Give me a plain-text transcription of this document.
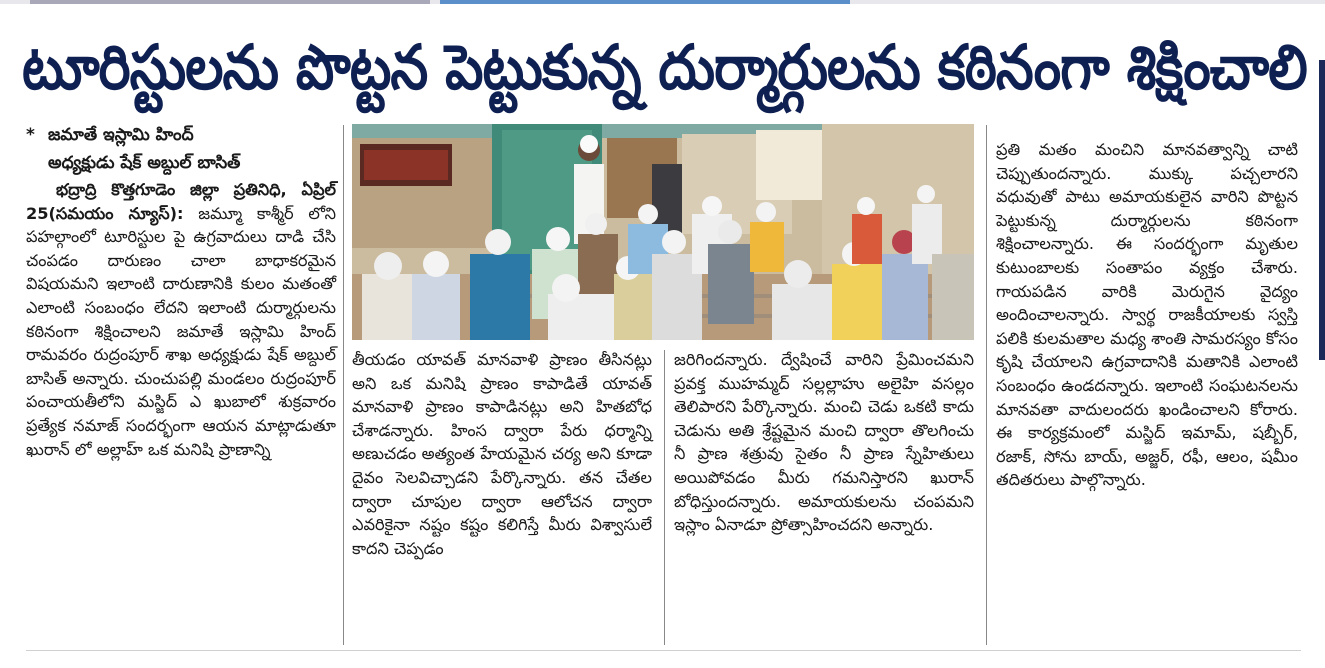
టూరిస్టులను పొట్టన పెట్టుకున్న దుర్మార్గులను కఠినంగా శిక్షించాలి
* జమాతే ఇస్లామి హింద్
అధ్యక్షుడు షేక్ అబ్దుల్ బాసిత్

భద్రాద్రి కొత్తగూడెం జిల్లా ప్రతినిధి, ఏప్రిల్ 25(సమయం న్యూస్): జమ్మూ కాశ్మీర్ లోని పహల్గాంలో టూరిస్టుల పై ఉగ్రవాదులు దాడి చేసి చంపడం దారుణం చాలా బాధాకరమైన విషయమని ఇలాంటి దారుణానికి కులం మతంతో ఎలాంటి సంబంధం లేదని ఇలాంటి దుర్మార్గులను కఠినంగా శిక్షించాలని జమాతే ఇస్లామి హింద్ రామవరం రుద్రంపూర్ శాఖ అధ్యక్షుడు షేక్ అబ్దుల్ బాసిత్ అన్నారు. చుంచుపల్లి మండలం రుద్రంపూర్ పంచాయతీలోని మస్జిద్ ఎ ఖుబాలో శుక్రవారం ప్రత్యేక నమాజ్ సందర్భంగా ఆయన మాట్లాడుతూ ఖురాన్ లో అల్లాహ్ ఒక మనిషి ప్రాణాన్ని

తీయడం యావత్ మానవాళి ప్రాణం తీసినట్లు అని ఒక మనిషి ప్రాణం కాపాడితే యావత్ మానవాళి ప్రాణం కాపాడినట్లు అని హితబోధ చేశాడన్నారు. హింస ద్వారా పేరు ధర్మాన్ని అణుచడం అత్యంత హేయమైన చర్య అని కూడా దైవం సెలవిచ్చాడని పేర్కొన్నారు. తన చేతల ద్వారా చూపుల ద్వారా ఆలోచన ద్వారా ఎవరికైనా నష్టం కష్టం కలిగిస్తే మీరు విశ్వాసులే కాదని చెప్పడం

జరిగిందన్నారు. ద్వేషించే వారిని ప్రేమించమని ప్రవక్త ముహమ్మద్ సల్లల్లాహు అలైహి వసల్లం తెలిపారని పేర్కొన్నారు. మంచి చెడు ఒకటి కాదు చెడును అతి శ్రేష్టమైన మంచి ద్వారా తొలగించు నీ ప్రాణ శత్రువు సైతం నీ ప్రాణ స్నేహితులు అయిపోవడం మీరు గమనిస్తారని ఖురాన్ బోధిస్తుందన్నారు. అమాయకులను చంపమని ఇస్లాం ఏనాడూ ప్రోత్సాహించదని అన్నారు.

ప్రతి మతం మంచిని మానవత్వాన్ని చాటి చెప్పుతుందన్నారు. ముక్కు పచ్చలారని వధువుతో పాటు అమాయకులైన వారిని పొట్టన పెట్టుకున్న దుర్మార్గులను కఠినంగా శిక్షించాలన్నారు. ఈ సందర్భంగా మృతుల కుటుంబాలకు సంతాపం వ్యక్తం చేశారు. గాయపడిన వారికి మెరుగైన వైద్యం అందించాలన్నారు. స్వార్థ రాజకీయాలకు స్వస్తి పలికి కులమతాల మధ్య శాంతి సామరస్యం కోసం కృషి చేయాలని ఉగ్రవాదానికి మతానికి ఎలాంటి సంబంధం ఉండదన్నారు. ఇలాంటి సంఘటనలను మానవతా వాదులందరు ఖండించాలని కోరారు. ఈ కార్యక్రమంలో మస్జిద్ ఇమామ్, షబ్బీర్, రజాక్, సోను బాయ్, అజ్జర్, రఫీ, ఆలం, షమీం తదితరులు పాల్గొన్నారు.
